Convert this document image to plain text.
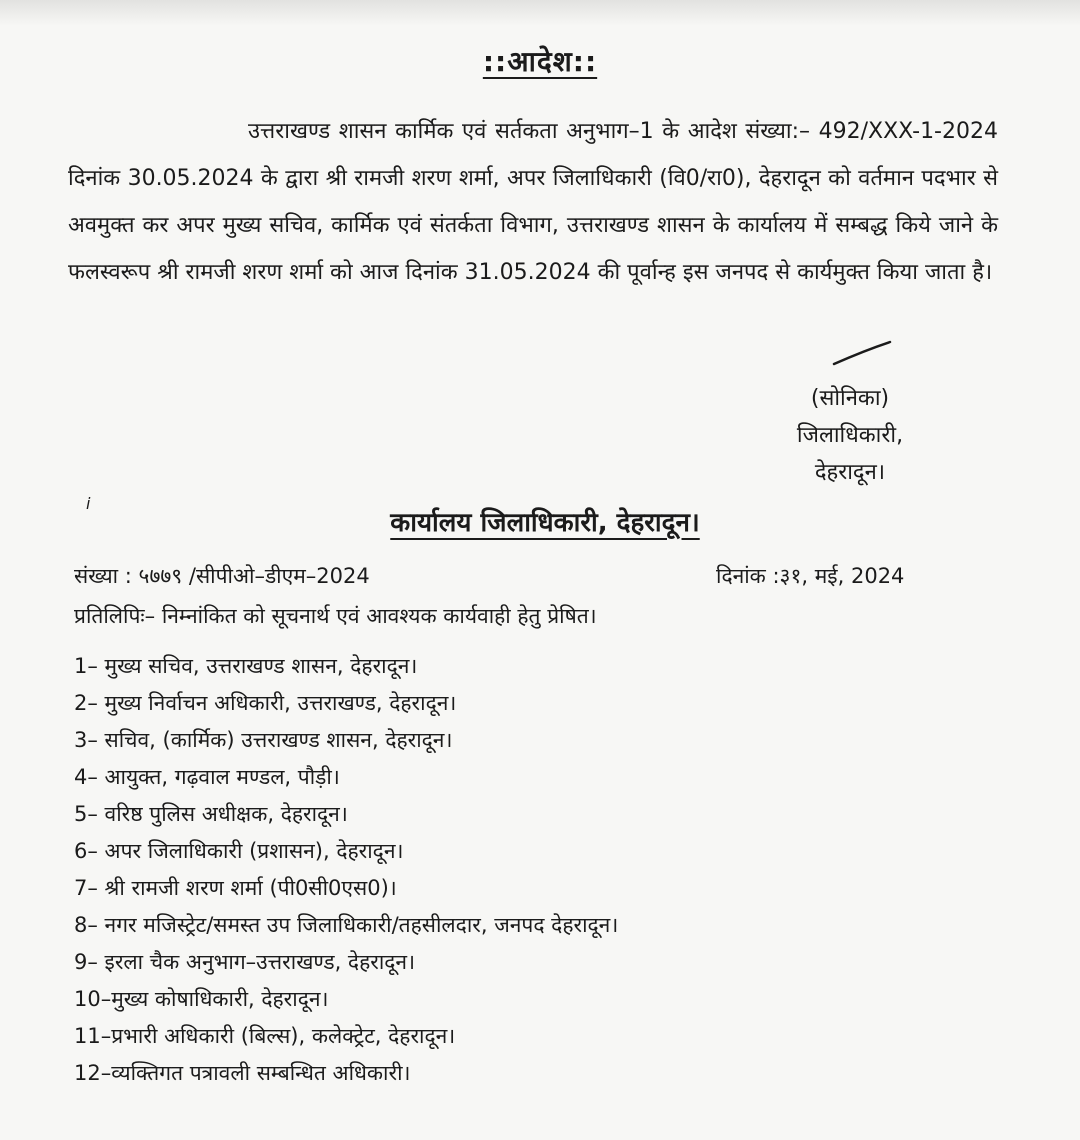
::आदेश::

उत्तराखण्ड शासन कार्मिक एवं सर्तकता अनुभाग–1 के आदेश संख्या:– 492/XXX-1-2024 दिनांक 30.05.2024 के द्वारा श्री रामजी शरण शर्मा, अपर जिलाधिकारी (वि0/रा0), देहरादून को वर्तमान पदभार से अवमुक्त कर अपर मुख्य सचिव, कार्मिक एवं संतर्कता विभाग, उत्तराखण्ड शासन के कार्यालय में सम्बद्ध किये जाने के फलस्वरूप श्री रामजी शरण शर्मा को आज दिनांक 31.05.2024 की पूर्वान्ह इस जनपद से कार्यमुक्त किया जाता है।

(सोनिका)
जिलाधिकारी,
देहरादून।
i
कार्यालय जिलाधिकारी, देहरादून।
संख्या : ५७७९ /सीपीओ–डीएम–2024	दिनांक :३१, मई, 2024
प्रतिलिपिः– निम्नांकित को सूचनार्थ एवं आवश्यक कार्यवाही हेतु प्रेषित।
1– मुख्य सचिव, उत्तराखण्ड शासन, देहरादून।
2– मुख्य निर्वाचन अधिकारी, उत्तराखण्ड, देहरादून।
3– सचिव, (कार्मिक) उत्तराखण्ड शासन, देहरादून।
4– आयुक्त, गढ़वाल मण्डल, पौड़ी।
5– वरिष्ठ पुलिस अधीक्षक, देहरादून।
6– अपर जिलाधिकारी (प्रशासन), देहरादून।
7– श्री रामजी शरण शर्मा (पी0सी0एस0)।
8– नगर मजिस्ट्रेट/समस्त उप जिलाधिकारी/तहसीलदार, जनपद देहरादून।
9– इरला चैक अनुभाग–उत्तराखण्ड, देहरादून।
10–मुख्य कोषाधिकारी, देहरादून।
11–प्रभारी अधिकारी (बिल्स), कलेक्ट्रेट, देहरादून।
12–व्यक्तिगत पत्रावली सम्बन्धित अधिकारी।
